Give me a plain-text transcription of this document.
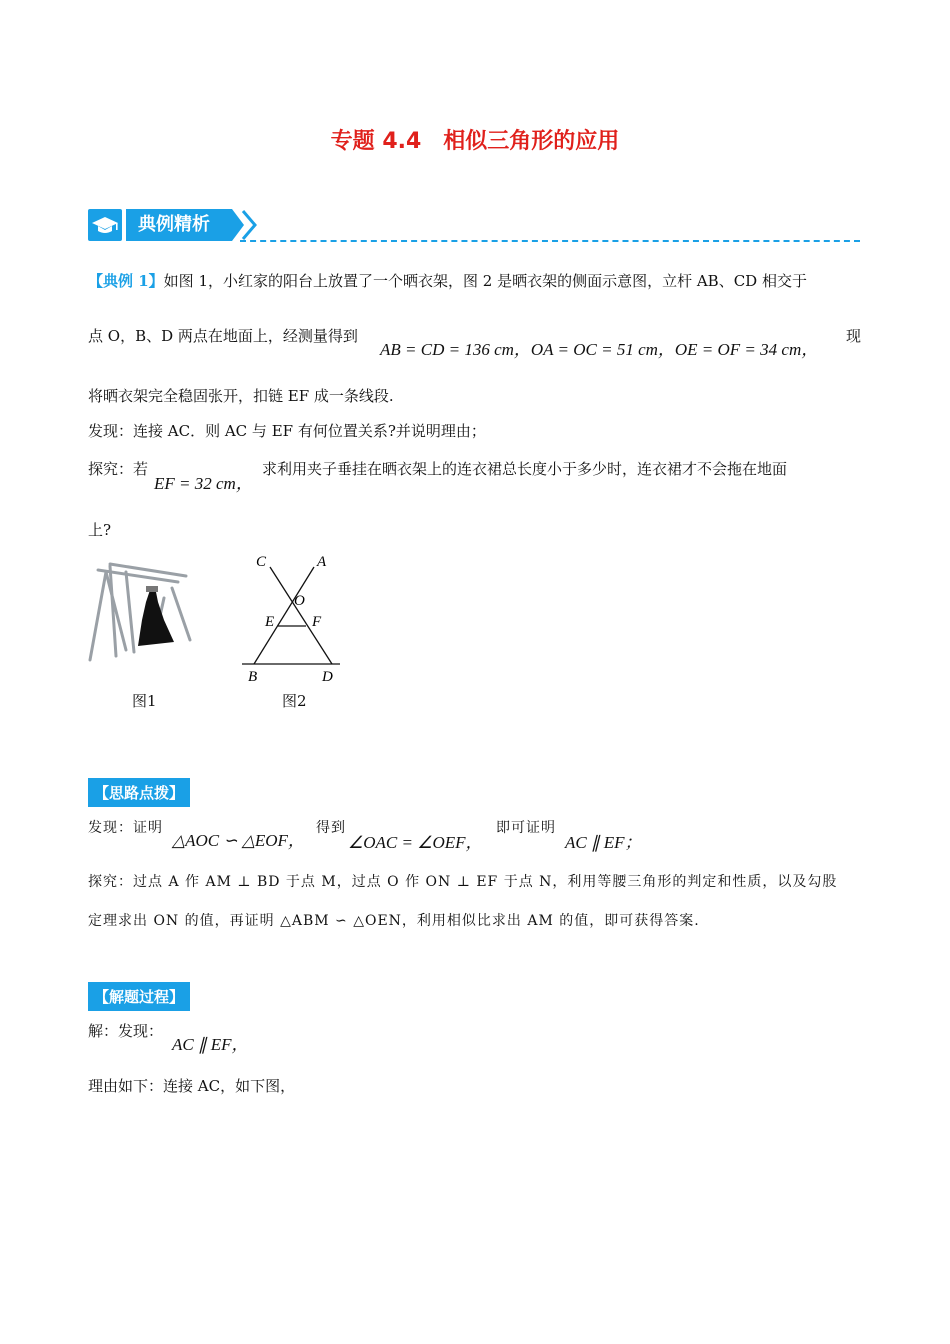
专题 4.4　相似三角形的应用
典例精析
【典例 1】如图 1，小红家的阳台上放置了一个晒衣架，图 2 是晒衣架的侧面示意图，立杆 AB、CD 相交于
点 O，B、D 两点在地面上，经测量得到
AB = CD = 136 cm，OA = OC = 51 cm，OE = OF = 34 cm，
现
将晒衣架完全稳固张开，扣链 EF 成一条线段.
发现：连接 AC．则 AC 与 EF 有何位置关系?并说明理由；
探究：若
EF = 32 cm，
求利用夹子垂挂在晒衣架上的连衣裙总长度小于多少时，连衣裙才不会拖在地面
上?
C	A
O
E	F
B	D
图1	图2
【思路点拨】
发现：证明
△AOC ∽ △EOF，
得到
∠OAC = ∠OEF，
即可证明
AC ∥ EF；
探究：过点 A 作 AM ⊥ BD 于点 M，过点 O 作 ON ⊥ EF 于点 N，利用等腰三角形的判定和性质，以及勾股
定理求出 ON 的值，再证明 △ABM ∽ △OEN，利用相似比求出 AM 的值，即可获得答案.
【解题过程】
解：发现：
AC ∥ EF，
理由如下：连接 AC，如下图，
